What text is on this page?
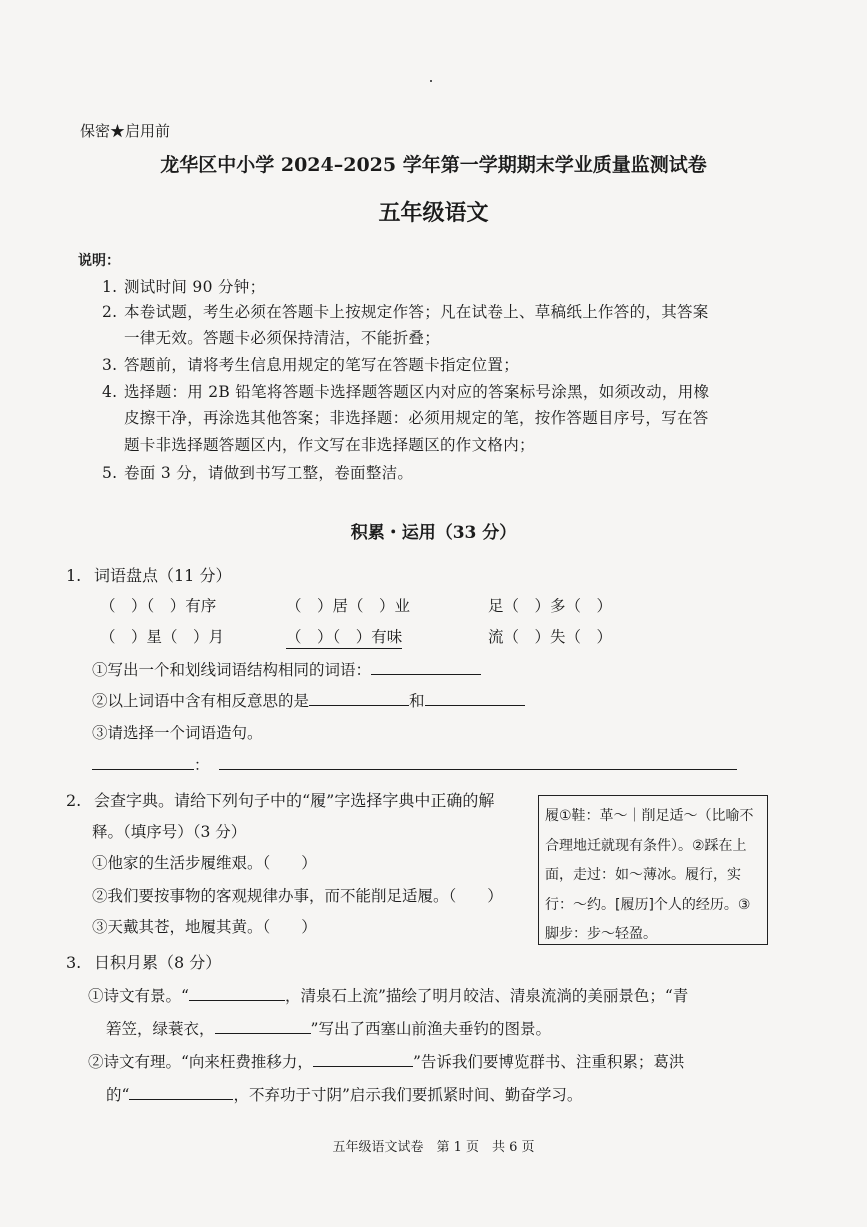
保密★启用前
龙华区中小学 2024–2025 学年第一学期期末学业质量监测试卷
五年级语文
说明：
1. 测试时间 90 分钟；
2. 本卷试题，考生必须在答题卡上按规定作答；凡在试卷上、草稿纸上作答的，其答案
一律无效。答题卡必须保持清洁，不能折叠；
3. 答题前，请将考生信息用规定的笔写在答题卡指定位置；
4. 选择题：用 2B 铅笔将答题卡选择题答题区内对应的答案标号涂黑，如须改动，用橡
皮擦干净，再涂选其他答案；非选择题：必须用规定的笔，按作答题目序号，写在答
题卡非选择题答题区内，作文写在非选择题区的作文格内；
5. 卷面 3 分，请做到书写工整，卷面整洁。
积累・运用（33 分）
1. 词语盘点（11 分）
（　）（　）有序	（　）居（　）业	足（　）多（　）
（　）星（　）月	（　）（　）有味	流（　）失（　）
①写出一个和划线词语结构相同的词语：
②以上词语中含有相反意思的是	和
③请选择一个词语造句。
：
2. 会查字典。请给下列句子中的“履”字选择字典中正确的解
释。（填序号）（3 分）
①他家的生活步履维艰。（　　）
②我们要按事物的客观规律办事，而不能削足适履。（　　）
③天戴其苍，地履其黄。（　　）
履①鞋：革～｜削足适～（比喻不合理地迁就现有条件）。②踩在上面，走过：如～薄冰。履行，实行：～约。[履历]个人的经历。③脚步：步～轻盈。
3. 日积月累（8 分）
①诗文有景。“	，清泉石上流”描绘了明月皎洁、清泉流淌的美丽景色；“青
箬笠，绿蓑衣，	”写出了西塞山前渔夫垂钓的图景。
②诗文有理。“向来枉费推移力，	”告诉我们要博览群书、注重积累；葛洪
的“	，不弃功于寸阴”启示我们要抓紧时间、勤奋学习。
五年级语文试卷　第 1 页　共 6 页
